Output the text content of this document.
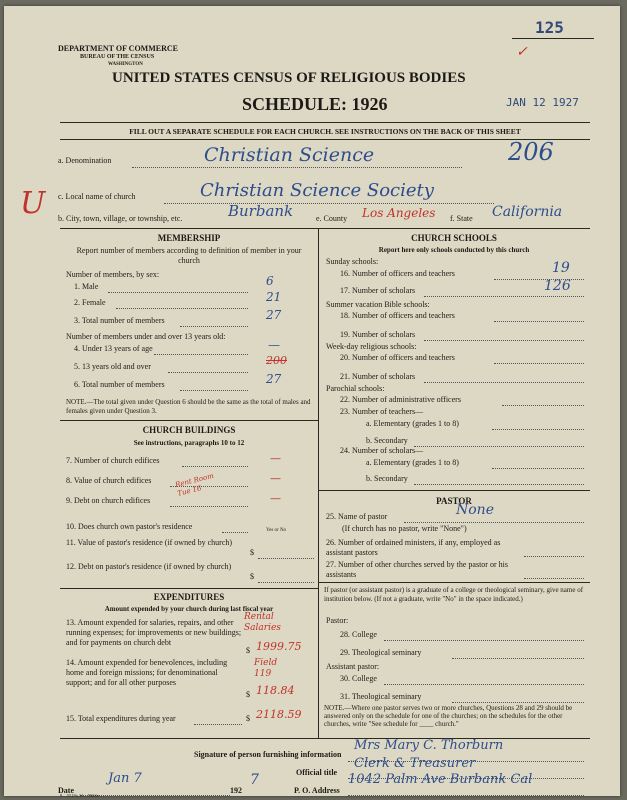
125
✓
DEPARTMENT OF COMMERCE
BUREAU OF THE CENSUS
WASHINGTON
UNITED STATES CENSUS OF RELIGIOUS BODIES
SCHEDULE: 1926	JAN 12 1927
FILL OUT A SEPARATE SCHEDULE FOR EACH CHURCH. SEE INSTRUCTIONS ON THE BACK OF THIS SHEET
a. Denomination	Christian Science	206
U c. Local name of church	Christian Science Society
b. City, town, village, or township, etc.	Burbank	e. County Los Angeles f. State California
MEMBERSHIP
Report number of members according to definition of member in your church
Number of members, by sex:
1. Male	6
2. Female	21
3. Total number of members	27
Number of members under and over 13 years old:
4. Under 13 years of age	—
5. 13 years old and over	200
6. Total number of members	27
NOTE.—The total given under Question 6 should be the same as the total of males and females given under Question 3.
CHURCH BUILDINGS
See instructions, paragraphs 10 to 12
7. Number of church edifices	—
8. Value of church edifices	—
9. Debt on church edifices	—
Rent Room Tue 16
10. Does church own pastor's residence	Yes or No
11. Value of pastor's residence (if owned by church)
$
12. Debt on pastor's residence (if owned by church)
$
EXPENDITURES
Amount expended by your church during last fiscal year
13. Amount expended for salaries, repairs, and other running expenses; for improvements or new buildings; and for payments on church debt
Rental Salaries
$ 1999.75
14. Amount expended for benevolences, including home and foreign missions; for denominational support; and for all other purposes
Field 119
$ 118.84
15. Total expenditures during year	$ 2118.59
CHURCH SCHOOLS
Report here only schools conducted by this church
Sunday schools:
16. Number of officers and teachers	19
17. Number of scholars	126
Summer vacation Bible schools:
18. Number of officers and teachers
19. Number of scholars
Week-day religious schools:
20. Number of officers and teachers
21. Number of scholars
Parochial schools:
22. Number of administrative officers
23. Number of teachers—
a. Elementary (grades 1 to 8)
b. Secondary
24. Number of scholars—
a. Elementary (grades 1 to 8)
b. Secondary
PASTOR
25. Name of pastor	None
(If church has no pastor, write "None")
26. Number of ordained ministers, if any, employed as assistant pastors
27. Number of other churches served by the pastor or his assistants
If pastor (or assistant pastor) is a graduate of a college or theological seminary, give name of institution below. (If not a graduate, write "No" in the space indicated.)
Pastor:
28. College
29. Theological seminary
Assistant pastor:
30. College
31. Theological seminary
NOTE.—Where one pastor serves two or more churches, Questions 28 and 29 should be answered only on the schedule for one of the churches; on the schedules for the other churches, write "See schedule for ____ church."
Signature of person furnishing information
Mrs Mary C. Thorburn
Official title
Clerk & Treasurer
Date
Jan 7
192
7
P. O. Address
1042 Palm Ave Burbank Cal
8—5518a 11—5664a
